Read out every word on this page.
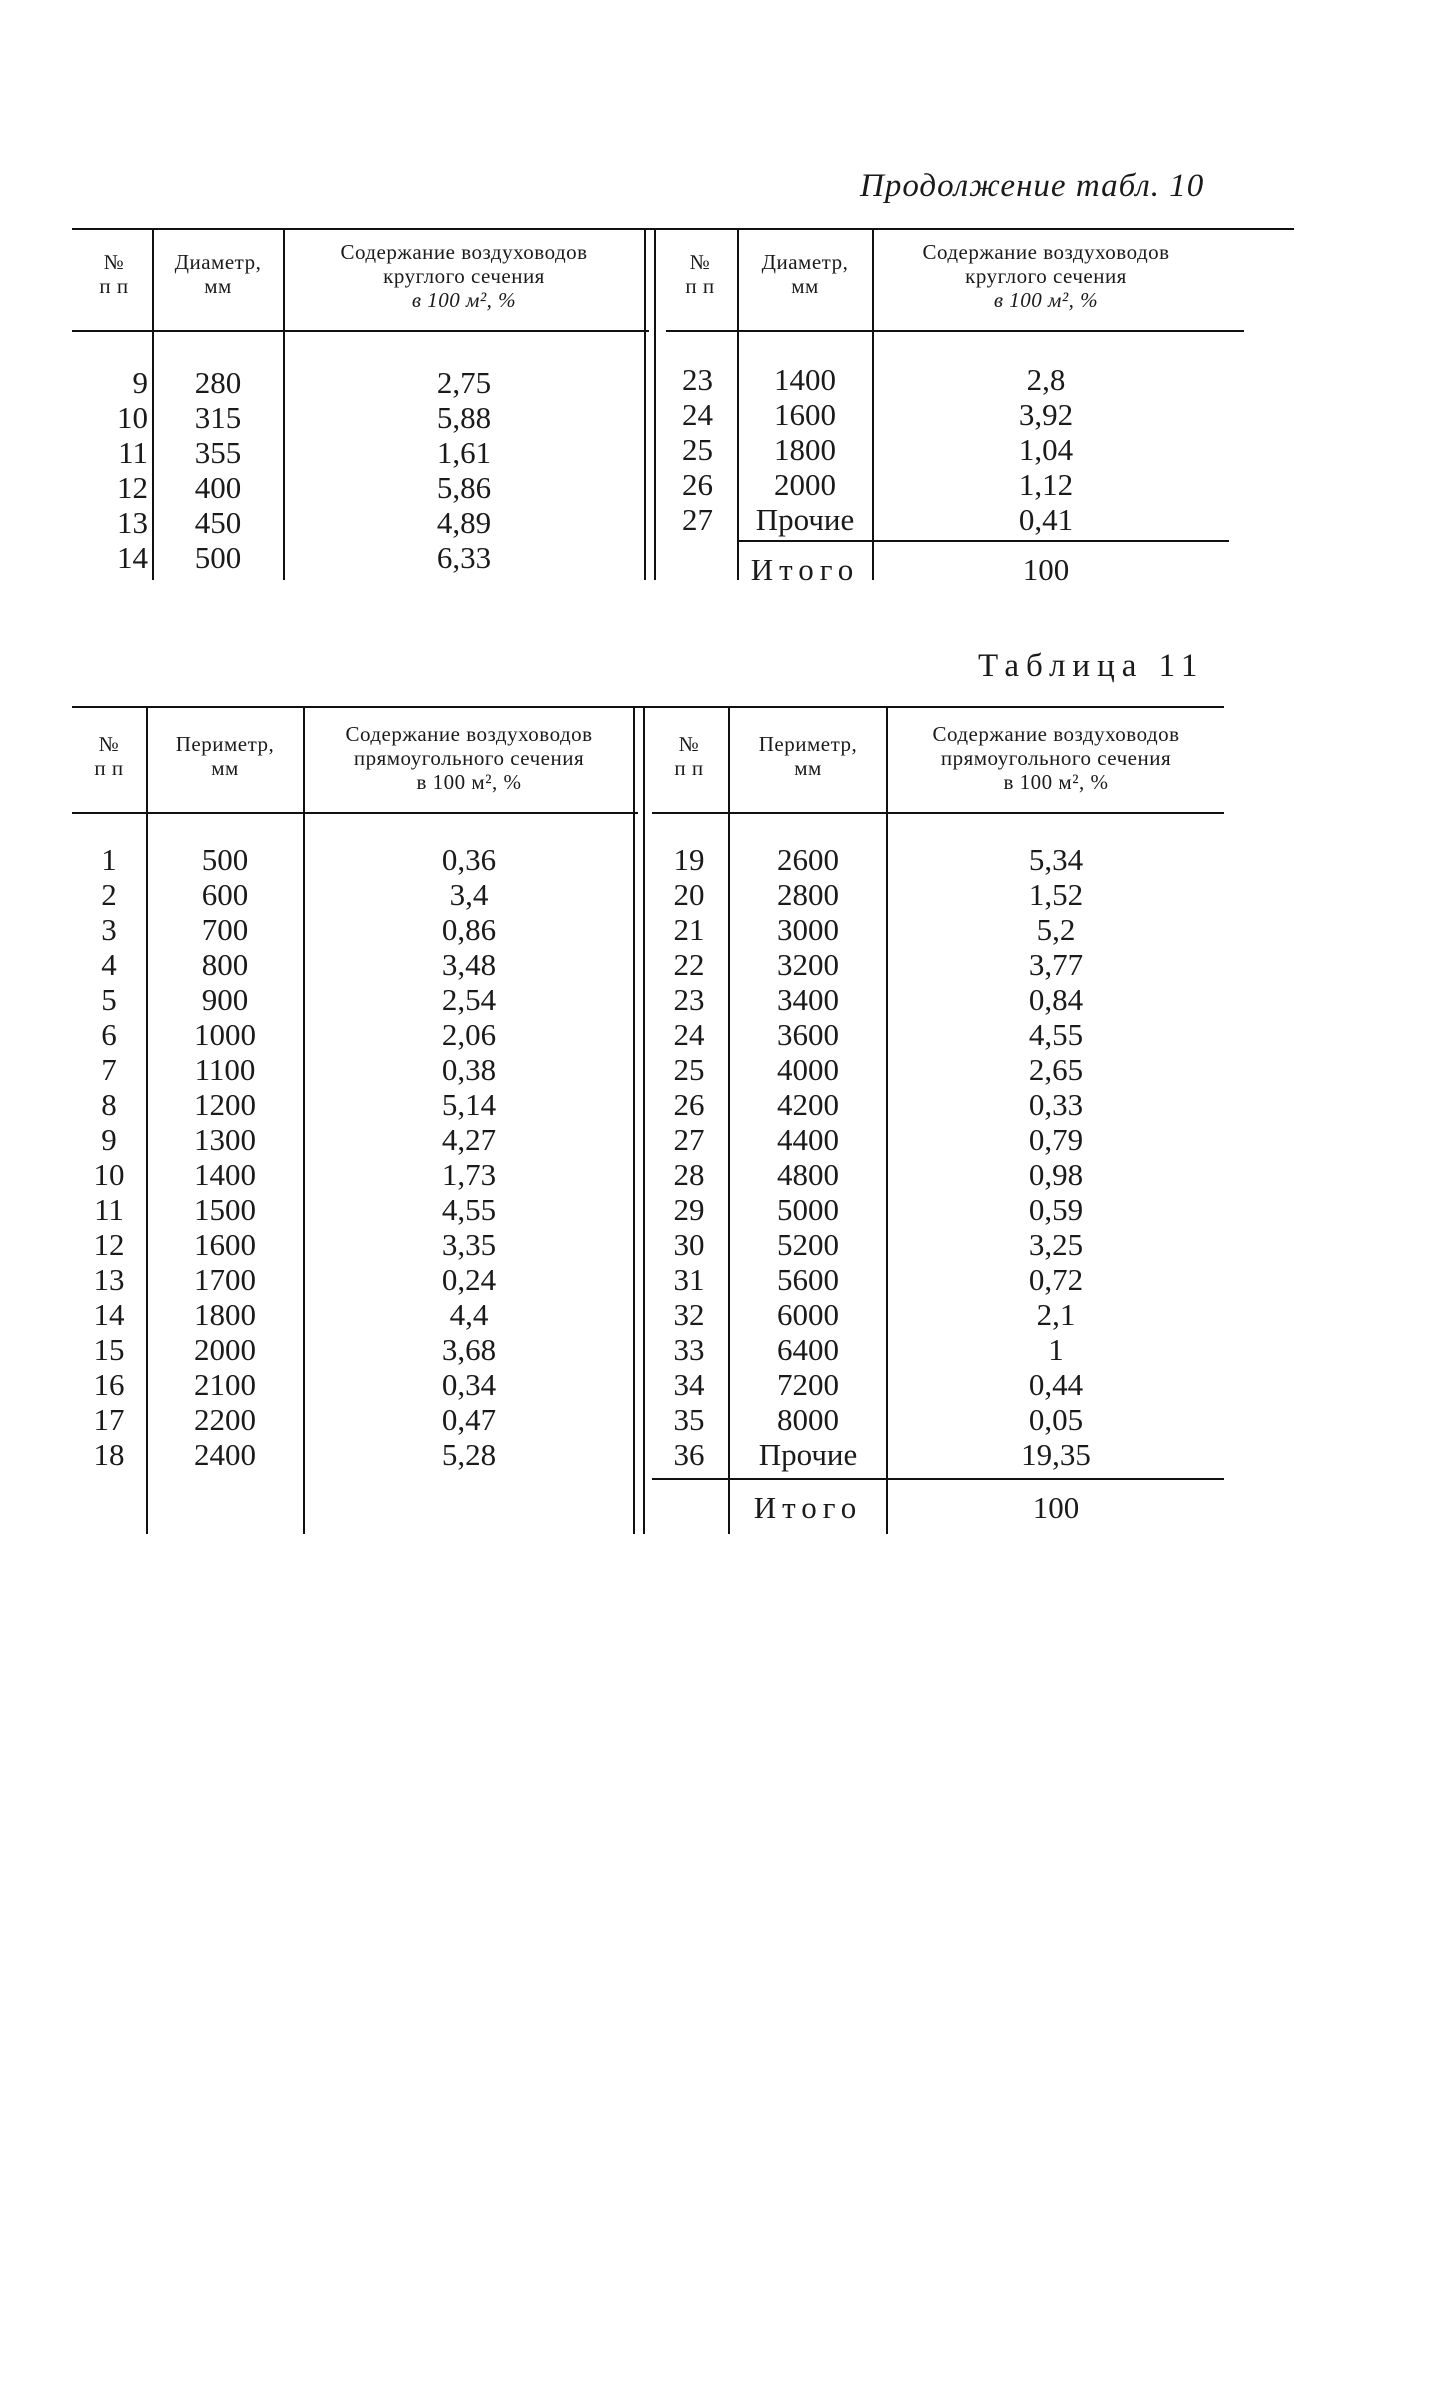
Продолжение табл. 10
№
п п
Диаметр,
мм
Содержание воздуховодов
круглого сечения
в 100 м², %
№
п п
Диаметр,
мм
Содержание воздуховодов
круглого сечения
в 100 м², %
9
10
11
12
13
14
280
315
355
400
450
500
2,75
5,88
1,61
5,86
4,89
6,33
23
24
25
26
27
1400
1600
1800
2000
Прочие
2,8
3,92
1,04
1,12
0,41
Итого	100
Таблица 11
№
п п
Периметр,
мм
Содержание воздуховодов
прямоугольного сечения
в 100 м², %
№
п п
Периметр,
мм
Содержание воздуховодов
прямоугольного сечения
в 100 м², %
1
2
3
4
5
6
7
8
9
10
11
12
13
14
15
16
17
18
500
600
700
800
900
1000
1100
1200
1300
1400
1500
1600
1700
1800
2000
2100
2200
2400
0,36
3,4
0,86
3,48
2,54
2,06
0,38
5,14
4,27
1,73
4,55
3,35
0,24
4,4
3,68
0,34
0,47
5,28
19
20
21
22
23
24
25
26
27
28
29
30
31
32
33
34
35
36
2600
2800
3000
3200
3400
3600
4000
4200
4400
4800
5000
5200
5600
6000
6400
7200
8000
Прочие
5,34
1,52
5,2
3,77
0,84
4,55
2,65
0,33
0,79
0,98
0,59
3,25
0,72
2,1
1
0,44
0,05
19,35
Итого	100
